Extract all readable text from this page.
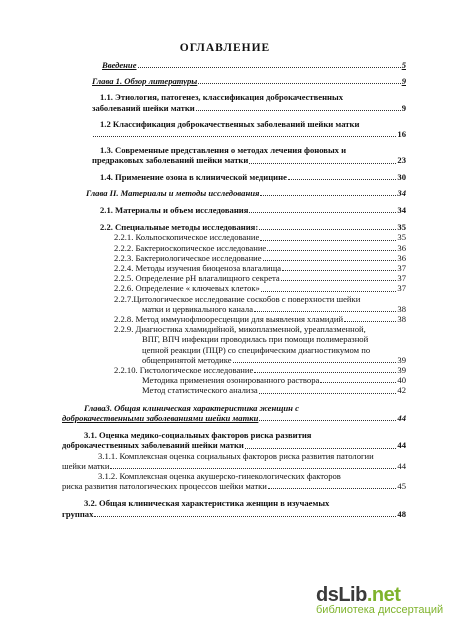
ОГЛАВЛЕНИЕ
Введение	5
Глава 1. Обзор литературы	9
1.1. Этиология, патогенез, классификация доброкачественных
заболеваний шейки матки	9
1.2 Классификация доброкачественных заболеваний шейки матки
16
1.3. Современные представления о методах лечения фоновых и
предраковых заболеваний шейки матки	23
1.4. Применение озона в клинической медицине	30
Глава II. Материалы и методы исследования	34
2.1. Материалы и объем исследования	34
2.2. Специальные методы исследования:	35
2.2.1. Кольпоскопическое исследование	35
2.2.2. Бактериоскопическое исследование	36
2.2.3. Бактериологическое исследование	36
2.2.4. Методы изучения биоценоза влагалища	37
2.2.5. Определение рН влагалищного секрета	37
2.2.6. Определение « ключевых клеток»	37
2.2.7.Цитологическое исследование соскобов с поверхности шейки
матки и цервикального канала	38
2.2.8. Метод иммунофлюоресценции для выявления хламидий	38
2.2.9. Диагностика хламидийной, микоплазменной, уреаплазменной,
ВПГ, ВПЧ инфекции проводилась при помощи полимеразной
цепной реакции (ПЦР) со специфическим диагностикумом по
общепринятой методике	39
2.2.10. Гистологическое исследование	39
Методика применения озонированного раствора	40
Метод статистического анализа	42
Глава3. Общая клиническая характеристика женщин с
доброкачественными заболеваниями шейки матки	44
3.1. Оценка медико-социальных факторов риска развития
доброкачественных заболеваний шейки матки	44
3.1.1. Комплексная оценка социальных факторов риска развития патологии
шейки матки	44
3.1.2. Комплексная оценка акушерско-гинекологических факторов
риска развития патологических процессов шейки матки	45
3.2. Общая клиническая характеристика женщин в изучаемых
группах	48
dsLib.net
библиотека диссертаций
